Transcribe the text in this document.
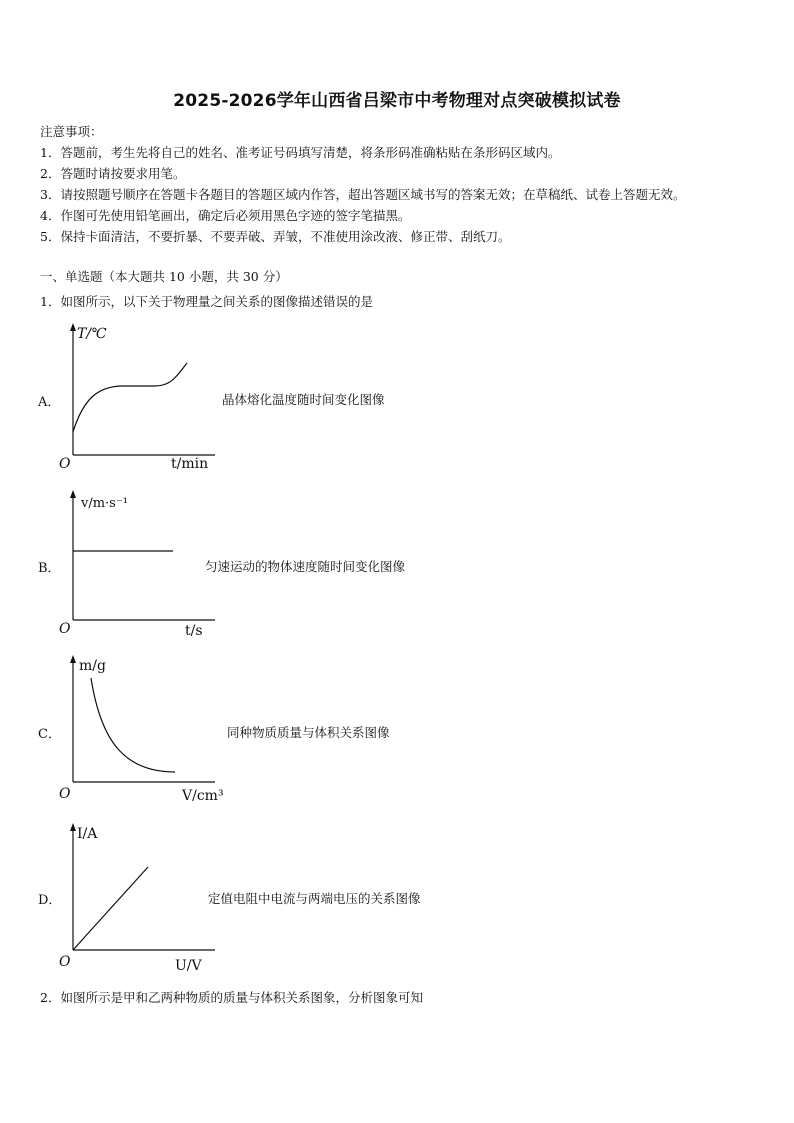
2025-2026学年山西省吕梁市中考物理对点突破模拟试卷
注意事项：
1．答题前，考生先将自己的姓名、准考证号码填写清楚，将条形码准确粘贴在条形码区域内。
2．答题时请按要求用笔。
3．请按照题号顺序在答题卡各题目的答题区域内作答，超出答题区域书写的答案无效；在草稿纸、试卷上答题无效。
4．作图可先使用铅笔画出，确定后必须用黑色字迹的签字笔描黑。
5．保持卡面清洁，不要折暴、不要弄破、弄皱，不准使用涂改液、修正带、刮纸刀。
一、单选题（本大题共 10 小题，共 30 分）
1．如图所示，以下关于物理量之间关系的图像描述错误的是
A．
T/℃
O	t/min
晶体熔化温度随时间变化图像
B．
v/m·s⁻¹
O	t/s
匀速运动的物体速度随时间变化图像
C．
m/g
O	V/cm³
同种物质质量与体积关系图像
D．
I/A
O	U/V
定值电阻中电流与两端电压的关系图像
2．如图所示是甲和乙两种物质的质量与体积关系图象，分析图象可知
